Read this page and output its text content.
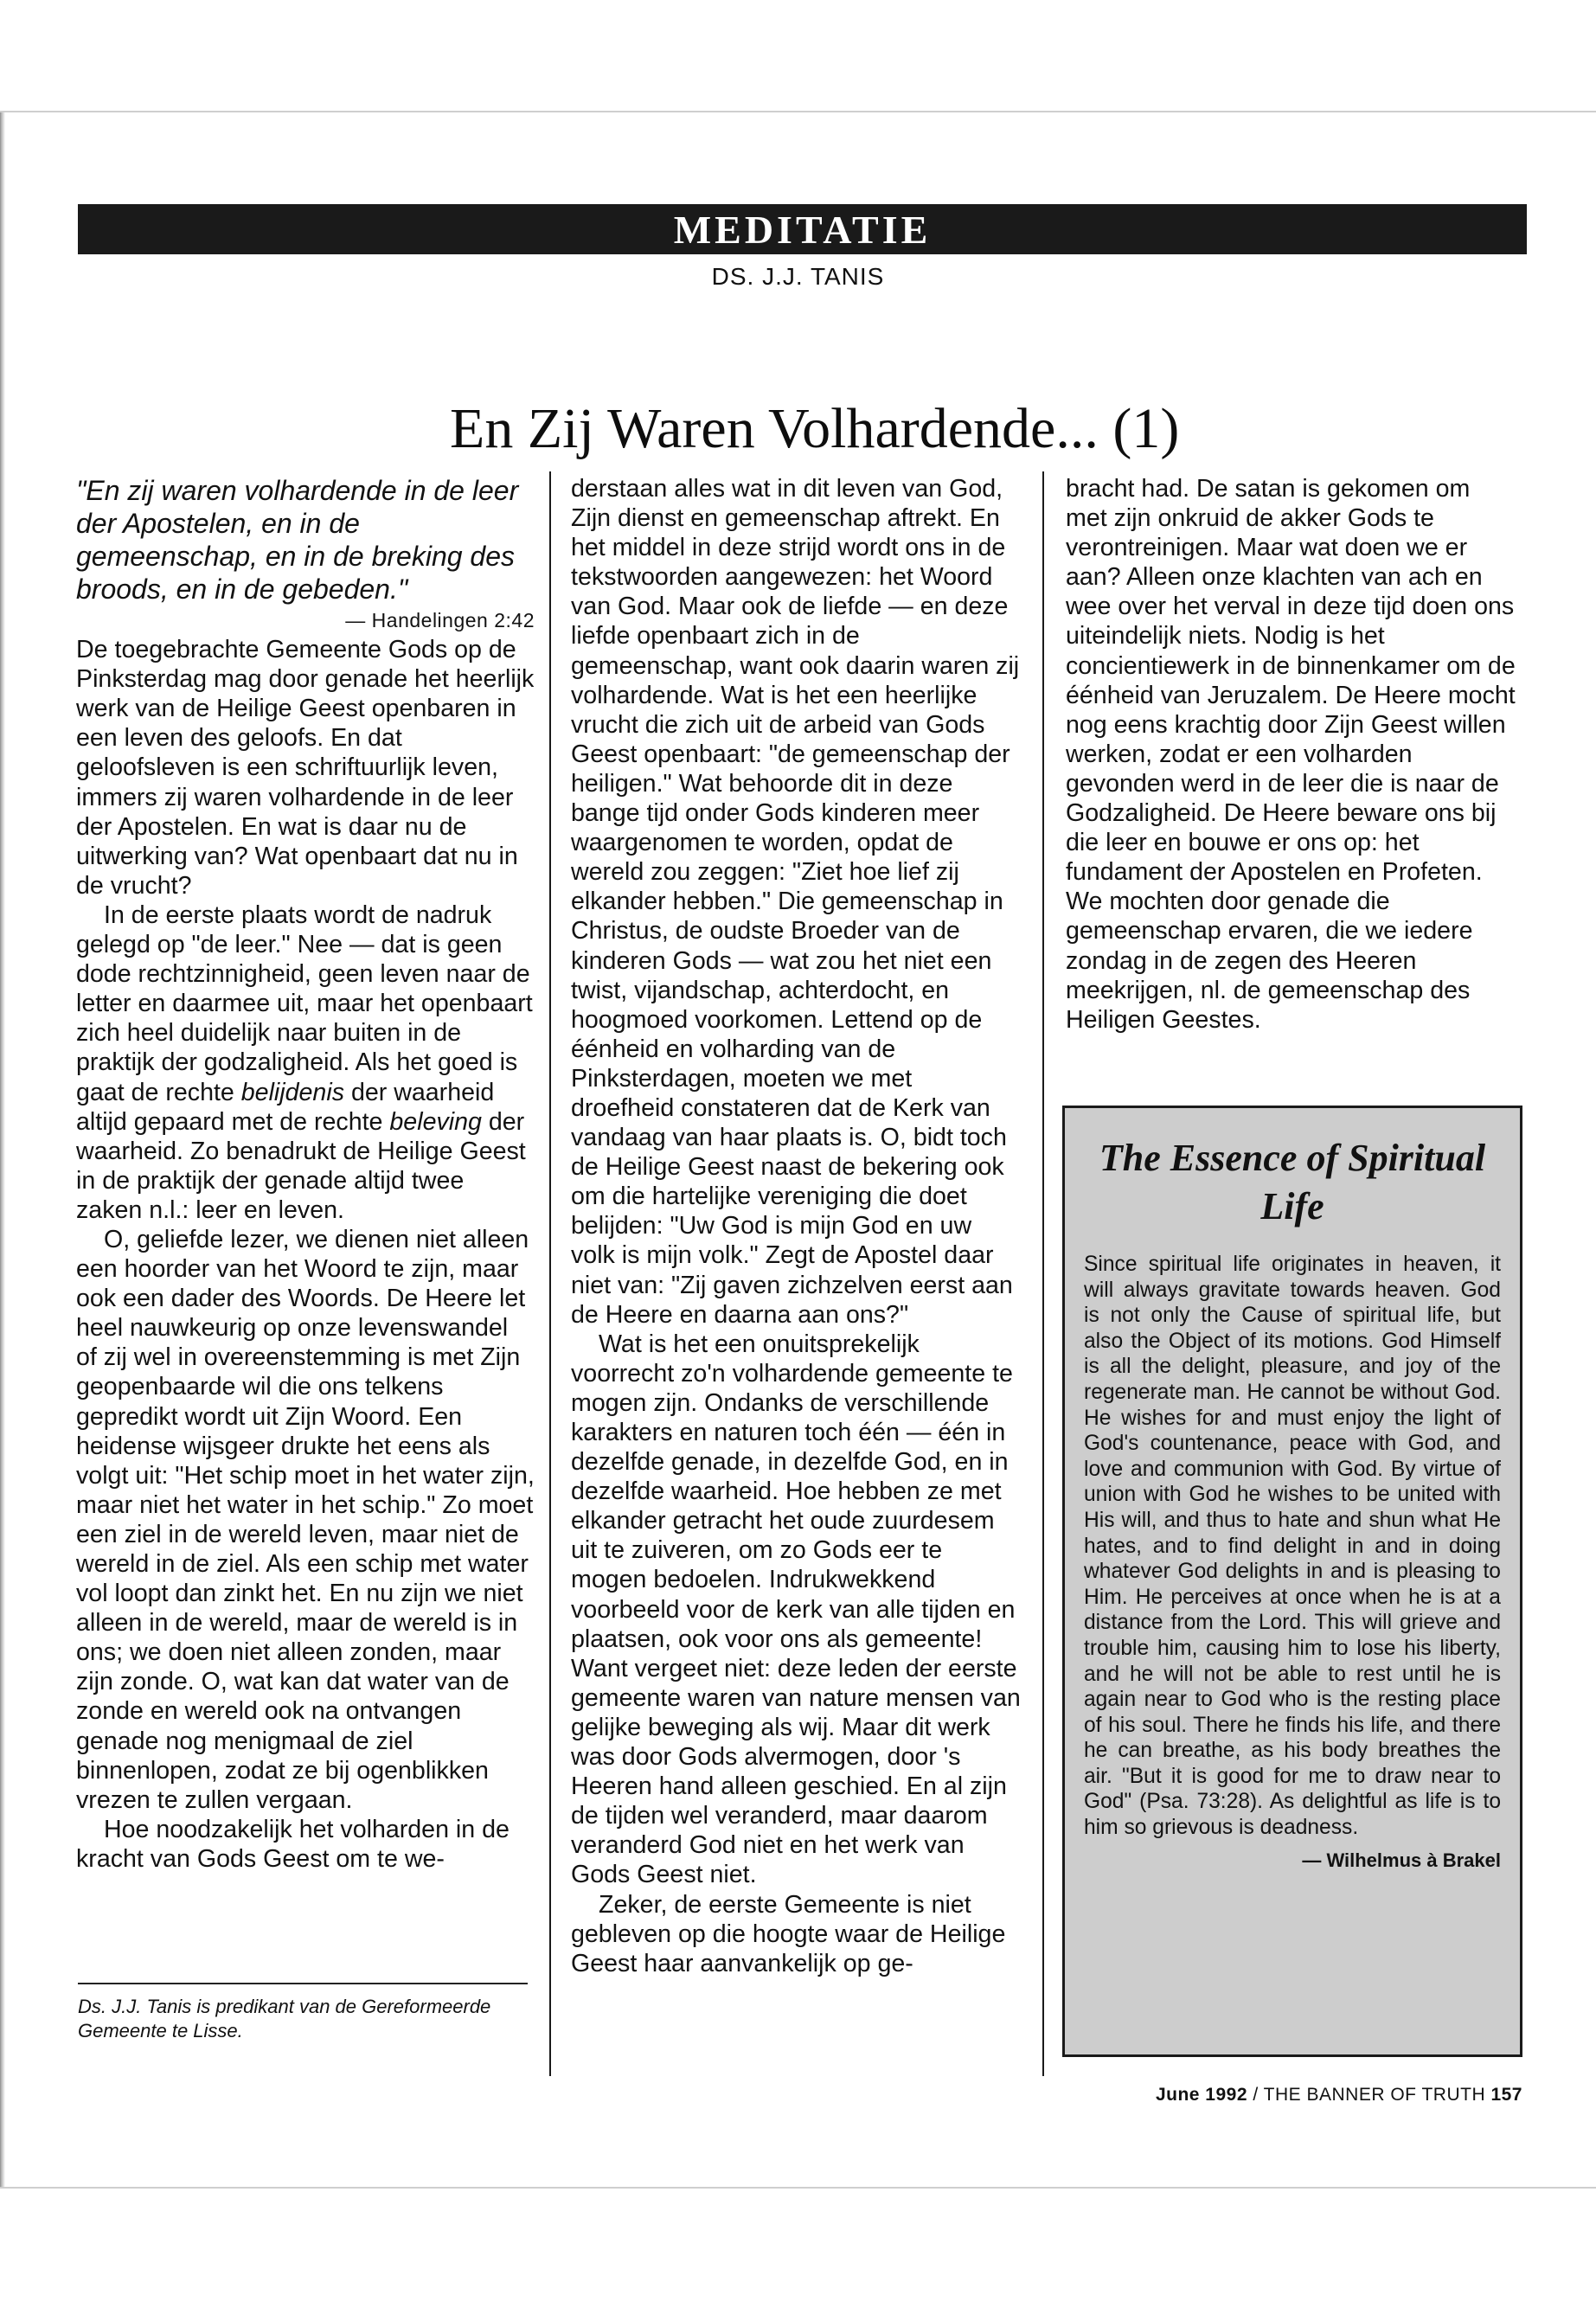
MEDITATIE
DS. J.J. TANIS
En Zij Waren Volhardende... (1)

"En zij waren volhardende in de leer der Apostelen, en in de gemeenschap, en in de breking des broods, en in de gebeden."

— Handelingen 2:42

De toegebrachte Gemeente Gods op de Pinksterdag mag door genade het heerlijk werk van de Heilige Geest openbaren in een leven des geloofs. En dat geloofsleven is een schriftuurlijk leven, immers zij waren volhardende in de leer der Apostelen. En wat is daar nu de uitwerking van? Wat openbaart dat nu in de vrucht?

In de eerste plaats wordt de nadruk gelegd op "de leer." Nee — dat is geen dode rechtzinnigheid, geen leven naar de letter en daarmee uit, maar het openbaart zich heel duidelijk naar buiten in de praktijk der godzaligheid. Als het goed is gaat de rechte belijdenis der waarheid altijd gepaard met de rechte beleving der waarheid. Zo benadrukt de Heilige Geest in de praktijk der genade altijd twee zaken n.l.: leer en leven.

O, geliefde lezer, we dienen niet alleen een hoorder van het Woord te zijn, maar ook een dader des Woords. De Heere let heel nauwkeurig op onze levenswandel of zij wel in overeenstemming is met Zijn geopenbaarde wil die ons telkens gepredikt wordt uit Zijn Woord. Een heidense wijsgeer drukte het eens als volgt uit: "Het schip moet in het water zijn, maar niet het water in het schip." Zo moet een ziel in de wereld leven, maar niet de wereld in de ziel. Als een schip met water vol loopt dan zinkt het. En nu zijn we niet alleen in de wereld, maar de wereld is in ons; we doen niet alleen zonden, maar zijn zonde. O, wat kan dat water van de zonde en wereld ook na ontvangen genade nog menigmaal de ziel binnenlopen, zodat ze bij ogenblikken vrezen te zullen vergaan.

Hoe noodzakelijk het volharden in de kracht van Gods Geest om te we-

Ds. J.J. Tanis is predikant van de Gereformeerde Gemeente te Lisse.

derstaan alles wat in dit leven van God, Zijn dienst en gemeenschap aftrekt. En het middel in deze strijd wordt ons in de tekstwoorden aangewezen: het Woord van God. Maar ook de liefde — en deze liefde openbaart zich in de gemeenschap, want ook daarin waren zij volhardende. Wat is het een heerlijke vrucht die zich uit de arbeid van Gods Geest openbaart: "de gemeenschap der heiligen." Wat behoorde dit in deze bange tijd onder Gods kinderen meer waargenomen te worden, opdat de wereld zou zeggen: "Ziet hoe lief zij elkander hebben." Die gemeenschap in Christus, de oudste Broeder van de kinderen Gods — wat zou het niet een twist, vijandschap, achterdocht, en hoogmoed voorkomen. Lettend op de éénheid en volharding van de Pinksterdagen, moeten we met droefheid constateren dat de Kerk van vandaag van haar plaats is. O, bidt toch de Heilige Geest naast de bekering ook om die hartelijke vereniging die doet belijden: "Uw God is mijn God en uw volk is mijn volk." Zegt de Apostel daar niet van: "Zij gaven zichzelven eerst aan de Heere en daarna aan ons?"

Wat is het een onuitsprekelijk voorrecht zo'n volhardende gemeente te mogen zijn. Ondanks de verschillende karakters en naturen toch één — één in dezelfde genade, in dezelfde God, en in dezelfde waarheid. Hoe hebben ze met elkander getracht het oude zuurdesem uit te zuiveren, om zo Gods eer te mogen bedoelen. Indrukwekkend voorbeeld voor de kerk van alle tijden en plaatsen, ook voor ons als gemeente! Want vergeet niet: deze leden der eerste gemeente waren van nature mensen van gelijke beweging als wij. Maar dit werk was door Gods alvermogen, door 's Heeren hand alleen geschied. En al zijn de tijden wel veranderd, maar daarom veranderd God niet en het werk van Gods Geest niet.

Zeker, de eerste Gemeente is niet gebleven op die hoogte waar de Heilige Geest haar aanvankelijk op ge-

bracht had. De satan is gekomen om met zijn onkruid de akker Gods te verontreinigen. Maar wat doen we er aan? Alleen onze klachten van ach en wee over het verval in deze tijd doen ons uiteindelijk niets. Nodig is het concientiewerk in de binnenkamer om de éénheid van Jeruzalem. De Heere mocht nog eens krachtig door Zijn Geest willen werken, zodat er een volharden gevonden werd in de leer die is naar de Godzaligheid. De Heere beware ons bij die leer en bouwe er ons op: het fundament der Apostelen en Profeten. We mochten door genade die gemeenschap ervaren, die we iedere zondag in de zegen des Heeren meekrijgen, nl. de gemeenschap des Heiligen Geestes.

The Essence of Spiritual Life

Since spiritual life originates in heaven, it will always gravitate towards heaven. God is not only the Cause of spiritual life, but also the Object of its motions. God Himself is all the delight, pleasure, and joy of the regenerate man. He cannot be without God. He wishes for and must enjoy the light of God's countenance, peace with God, and love and communion with God. By virtue of union with God he wishes to be united with His will, and thus to hate and shun what He hates, and to find delight in and in doing whatever God delights in and is pleasing to Him. He perceives at once when he is at a distance from the Lord. This will grieve and trouble him, causing him to lose his liberty, and he will not be able to rest until he is again near to God who is the resting place of his soul. There he finds his life, and there he can breathe, as his body breathes the air. "But it is good for me to draw near to God" (Psa. 73:28). As delightful as life is to him so grievous is deadness.

— Wilhelmus à Brakel

June 1992 / THE BANNER OF TRUTH 157
